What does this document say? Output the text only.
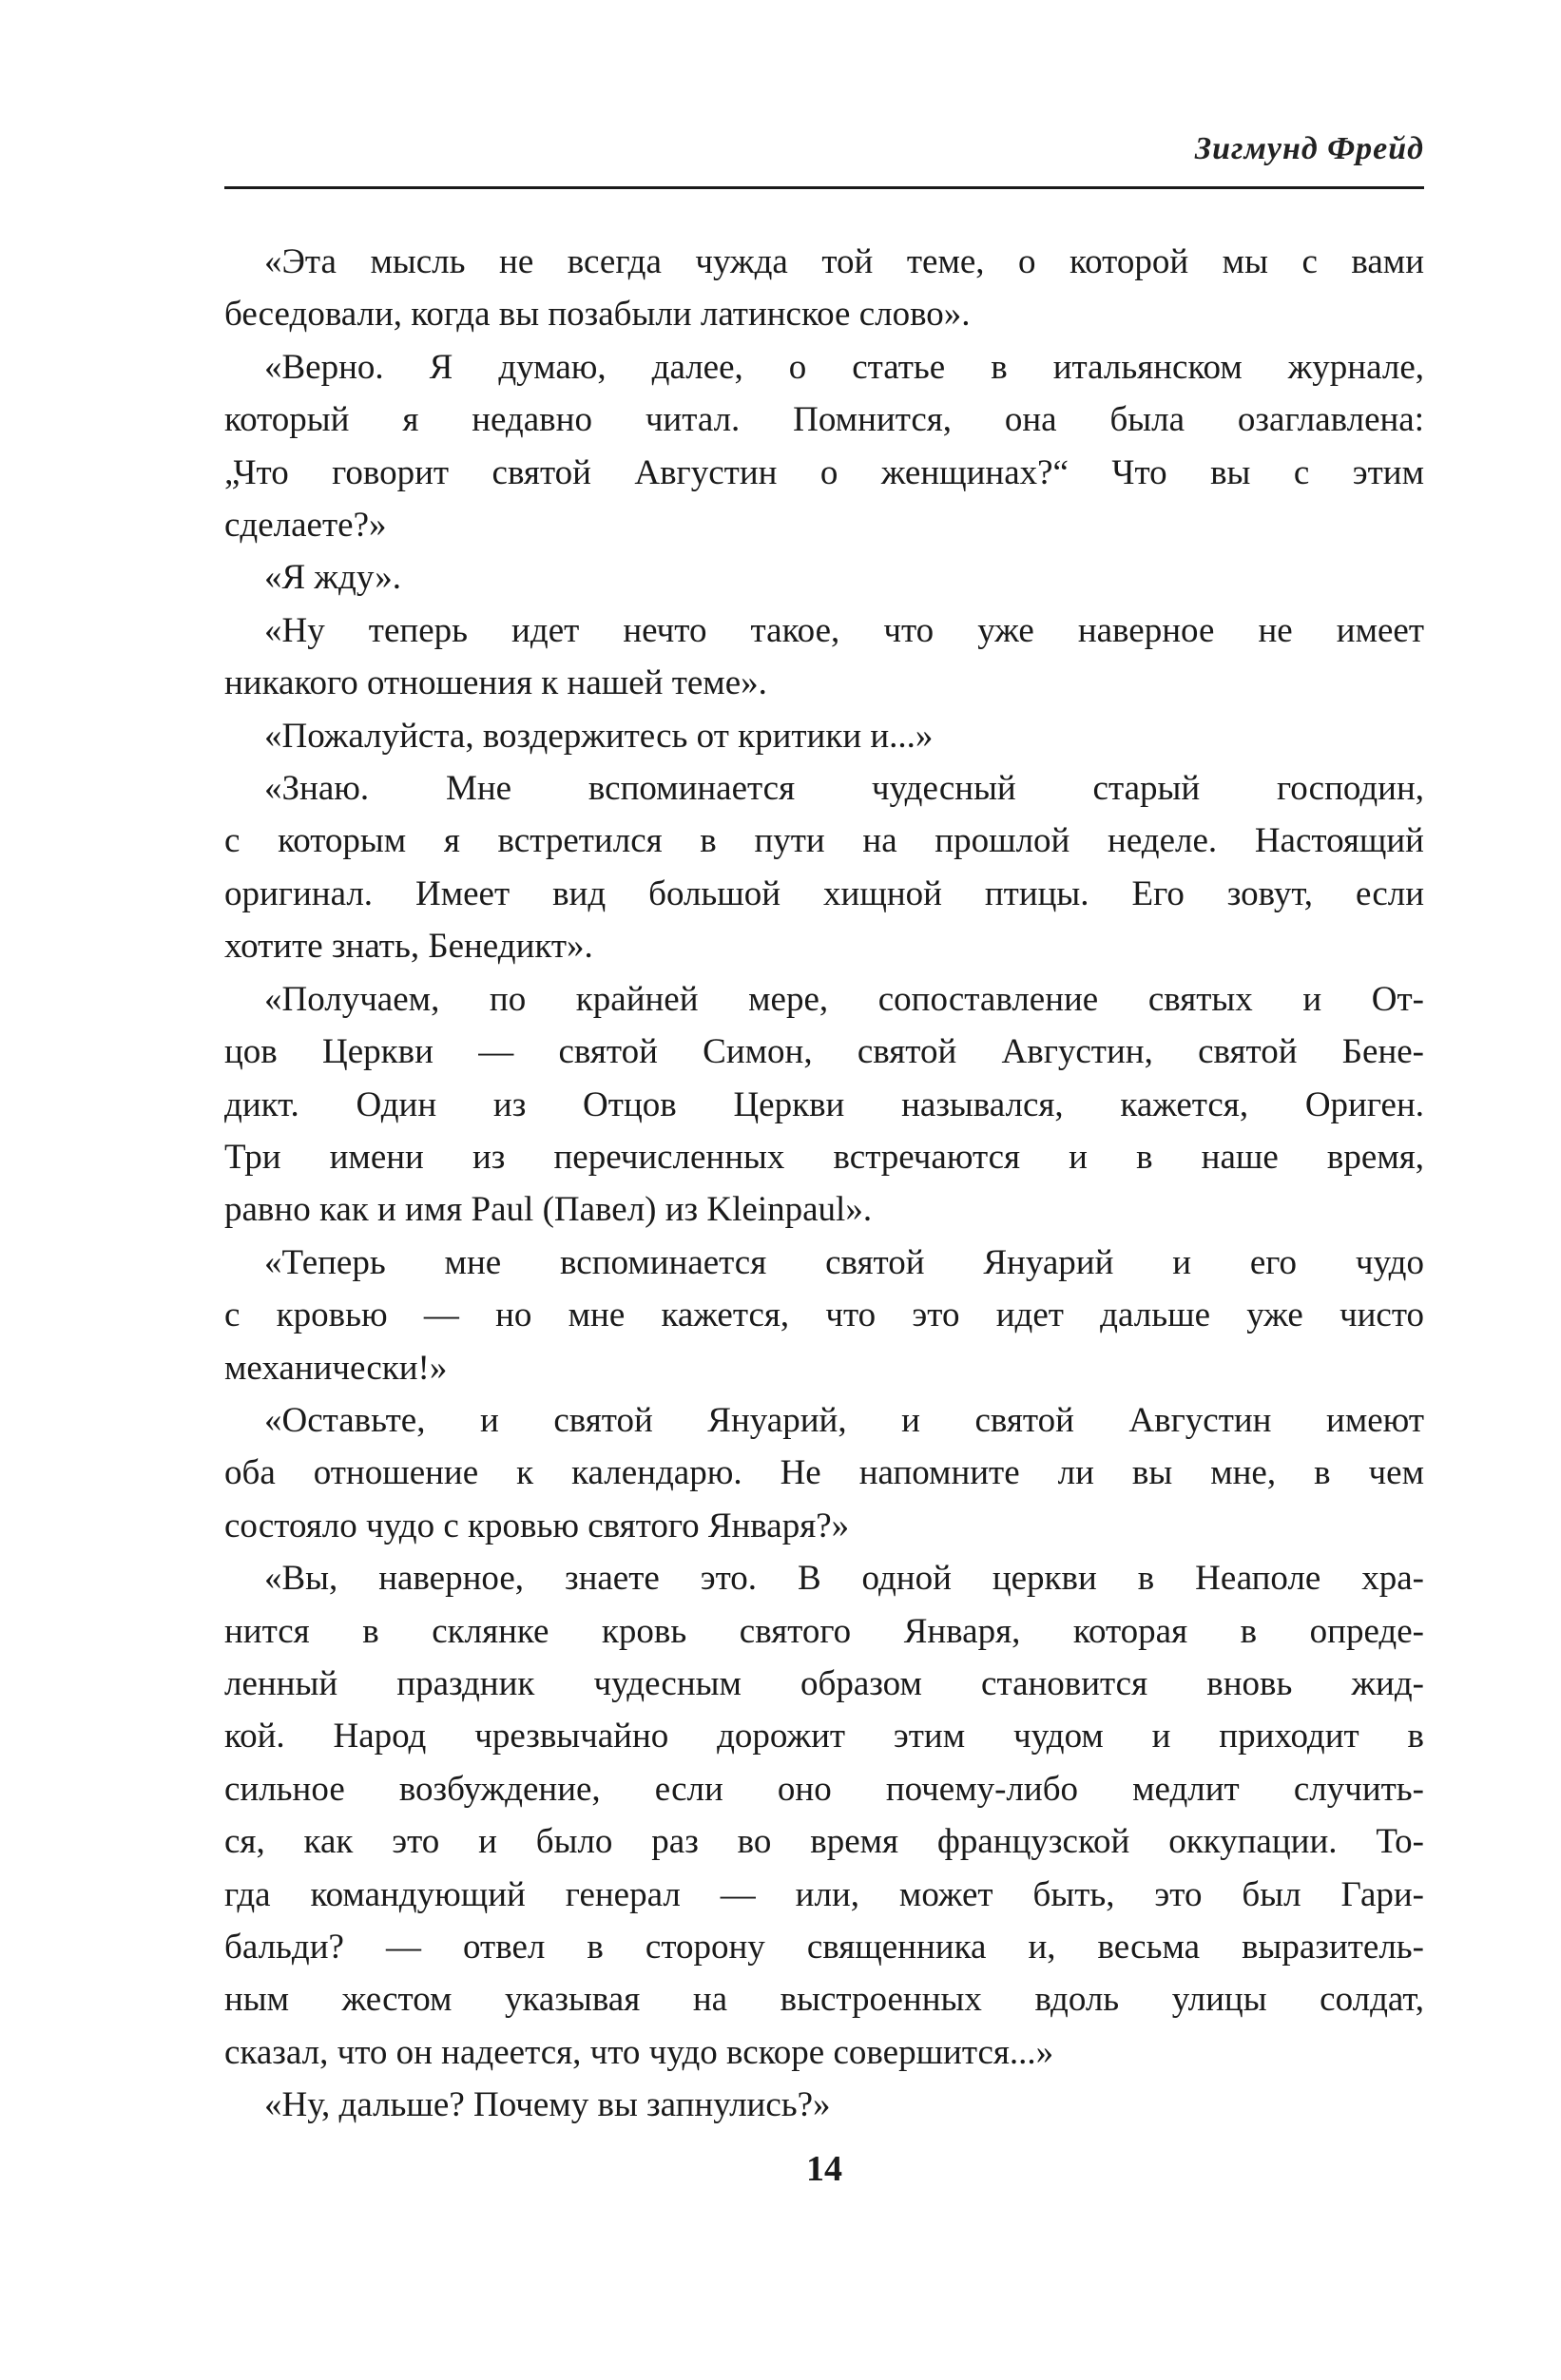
Зигмунд Фрейд

«Эта мысль не всегда чужда той теме, о которой мы с вами
беседовали, когда вы позабыли латинское слово».

«Верно. Я думаю, далее, о статье в итальянском журнале,
который я недавно читал. Помнится, она была озаглавлена:
„Что говорит святой Августин о женщинах?“ Что вы с этим
сделаете?»

«Я жду».

«Ну теперь идет нечто такое, что уже наверное не имеет
никакого отношения к нашей теме».

«Пожалуйста, воздержитесь от критики и...»

«Знаю. Мне вспоминается чудесный старый господин,
с которым я встретился в пути на прошлой неделе. Настоящий
оригинал. Имеет вид большой хищной птицы. Его зовут, если
хотите знать, Бенедикт».

«Получаем, по крайней мере, сопоставление святых и От-
цов Церкви — святой Симон, святой Августин, святой Бене-
дикт. Один из Отцов Церкви назывался, кажется, Ориген.
Три имени из перечисленных встречаются и в наше время,
равно как и имя Paul (Павел) из Kleinpaul».

«Теперь мне вспоминается святой Януарий и его чудо
с кровью — но мне кажется, что это идет дальше уже чисто
механически!»

«Оставьте, и святой Януарий, и святой Августин имеют
оба отношение к календарю. Не напомните ли вы мне, в чем
состояло чудо с кровью святого Января?»

«Вы, наверное, знаете это. В одной церкви в Неаполе хра-
нится в склянке кровь святого Января, которая в опреде-
ленный праздник чудесным образом становится вновь жид-
кой. Народ чрезвычайно дорожит этим чудом и приходит в
сильное возбуждение, если оно почему-либо медлит случить-
ся, как это и было раз во время французской оккупации. То-
гда командующий генерал — или, может быть, это был Гари-
бальди? — отвел в сторону священника и, весьма выразитель-
ным жестом указывая на выстроенных вдоль улицы солдат,
сказал, что он надеется, что чудо вскоре совершится...»

«Ну, дальше? Почему вы запнулись?»

14
